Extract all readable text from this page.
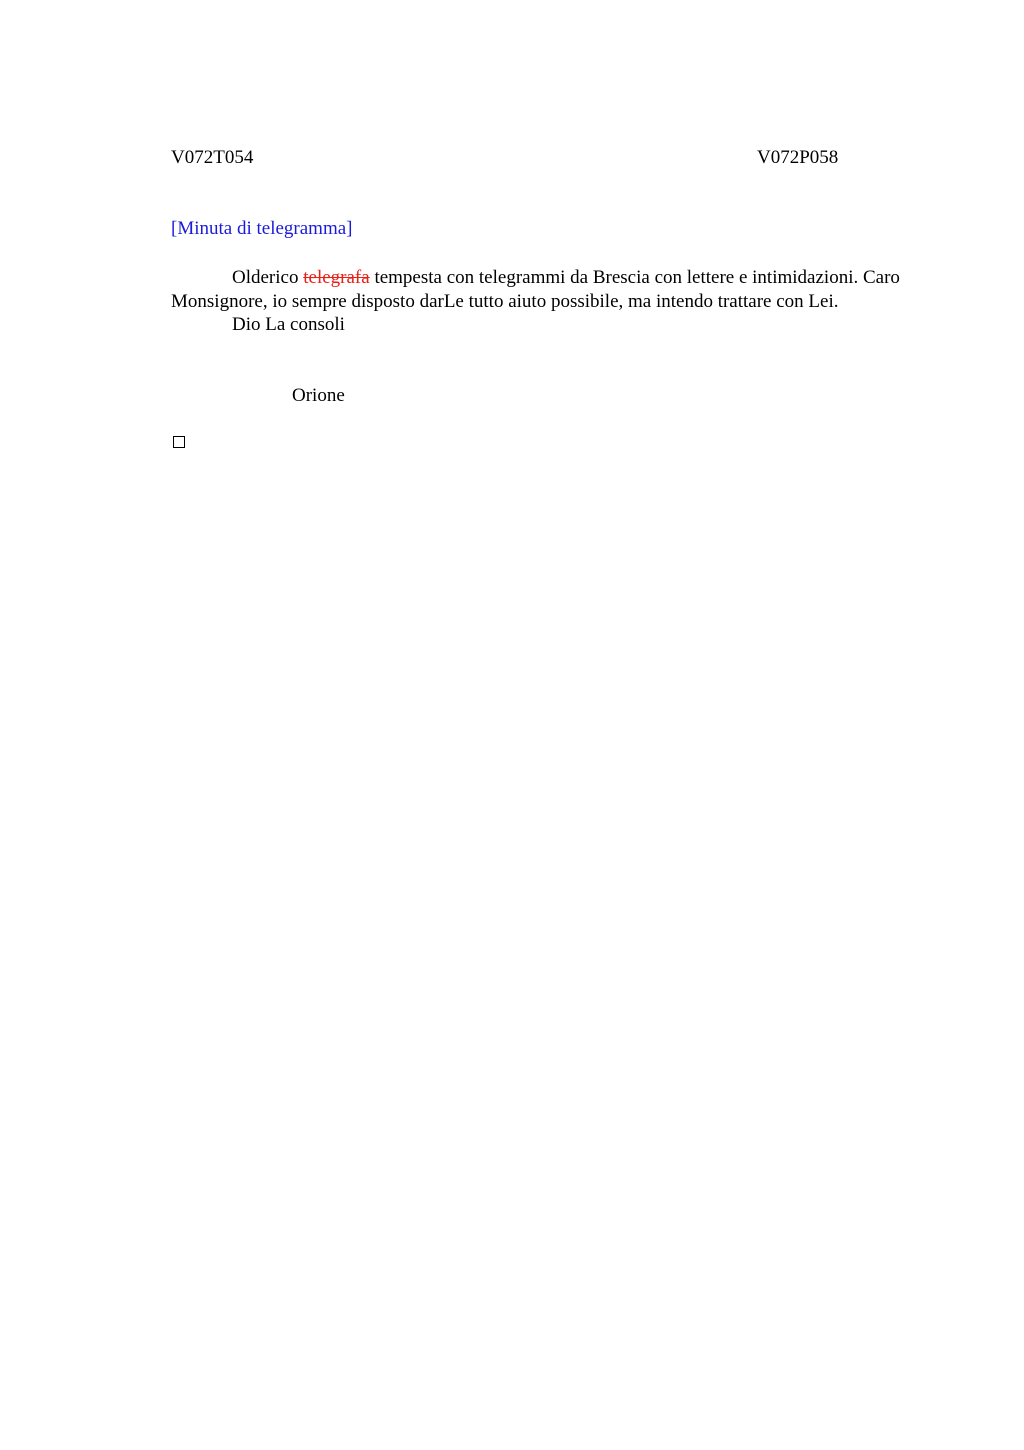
V072T054	V072P058
[Minuta di telegramma]

Olderico telegrafa tempesta con telegrammi da Brescia con lettere e intimidazioni. Caro Monsignore, io sempre disposto darLe tutto aiuto possibile, ma intendo trattare con Lei.

Dio La consoli

Orione
